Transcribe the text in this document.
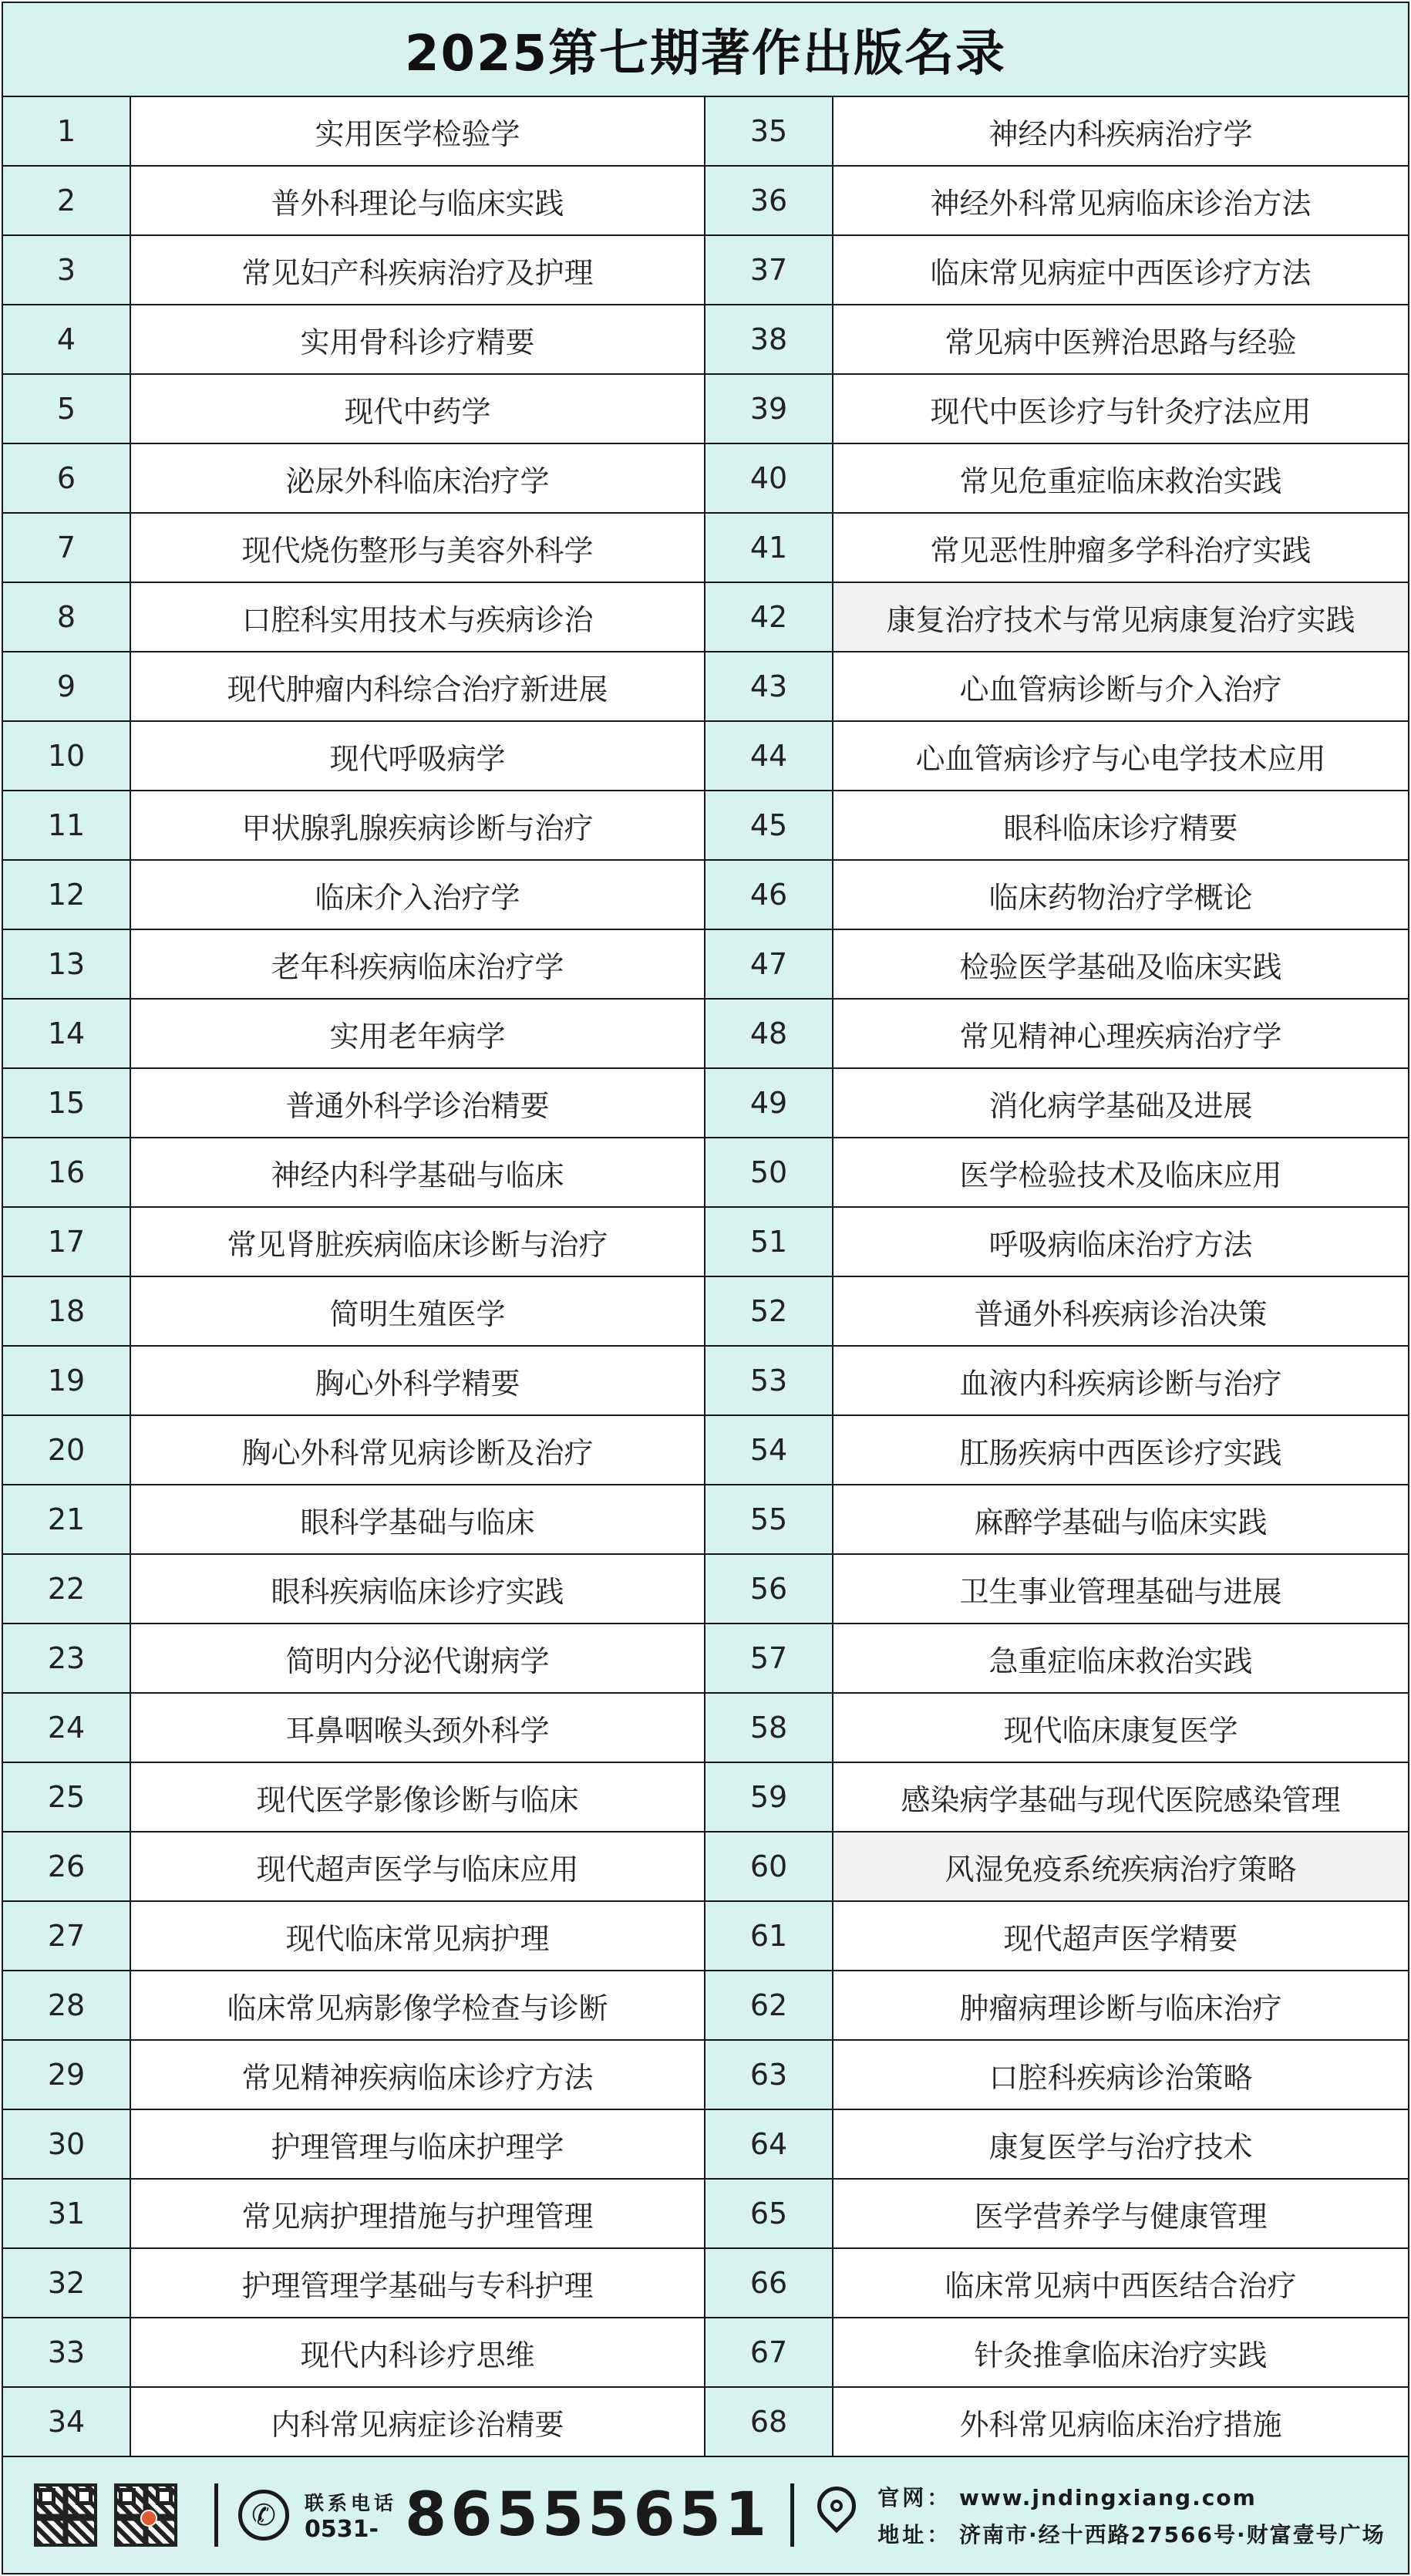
2025第七期著作出版名录
1	实用医学检验学
2	普外科理论与临床实践
3	常见妇产科疾病治疗及护理
4	实用骨科诊疗精要
5	现代中药学
6	泌尿外科临床治疗学
7	现代烧伤整形与美容外科学
8	口腔科实用技术与疾病诊治
9	现代肿瘤内科综合治疗新进展
10	现代呼吸病学
11	甲状腺乳腺疾病诊断与治疗
12	临床介入治疗学
13	老年科疾病临床治疗学
14	实用老年病学
15	普通外科学诊治精要
16	神经内科学基础与临床
17	常见肾脏疾病临床诊断与治疗
18	简明生殖医学
19	胸心外科学精要
20	胸心外科常见病诊断及治疗
21	眼科学基础与临床
22	眼科疾病临床诊疗实践
23	简明内分泌代谢病学
24	耳鼻咽喉头颈外科学
25	现代医学影像诊断与临床
26	现代超声医学与临床应用
27	现代临床常见病护理
28	临床常见病影像学检查与诊断
29	常见精神疾病临床诊疗方法
30	护理管理与临床护理学
31	常见病护理措施与护理管理
32	护理管理学基础与专科护理
33	现代内科诊疗思维
34	内科常见病症诊治精要
35	神经内科疾病治疗学
36	神经外科常见病临床诊治方法
37	临床常见病症中西医诊疗方法
38	常见病中医辨治思路与经验
39	现代中医诊疗与针灸疗法应用
40	常见危重症临床救治实践
41	常见恶性肿瘤多学科治疗实践
42	康复治疗技术与常见病康复治疗实践
43	心血管病诊断与介入治疗
44	心血管病诊疗与心电学技术应用
45	眼科临床诊疗精要
46	临床药物治疗学概论
47	检验医学基础及临床实践
48	常见精神心理疾病治疗学
49	消化病学基础及进展
50	医学检验技术及临床应用
51	呼吸病临床治疗方法
52	普通外科疾病诊治决策
53	血液内科疾病诊断与治疗
54	肛肠疾病中西医诊疗实践
55	麻醉学基础与临床实践
56	卫生事业管理基础与进展
57	急重症临床救治实践
58	现代临床康复医学
59	感染病学基础与现代医院感染管理
60	风湿免疫系统疾病治疗策略
61	现代超声医学精要
62	肿瘤病理诊断与临床治疗
63	口腔科疾病诊治策略
64	康复医学与治疗技术
65	医学营养学与健康管理
66	临床常见病中西医结合治疗
67	针灸推拿临床治疗实践
68	外科常见病临床治疗措施
✆	联系电话
0531- 86555651	官网： www.jndingxiang.com
地址： 济南市·经十西路27566号·财富壹号广场
